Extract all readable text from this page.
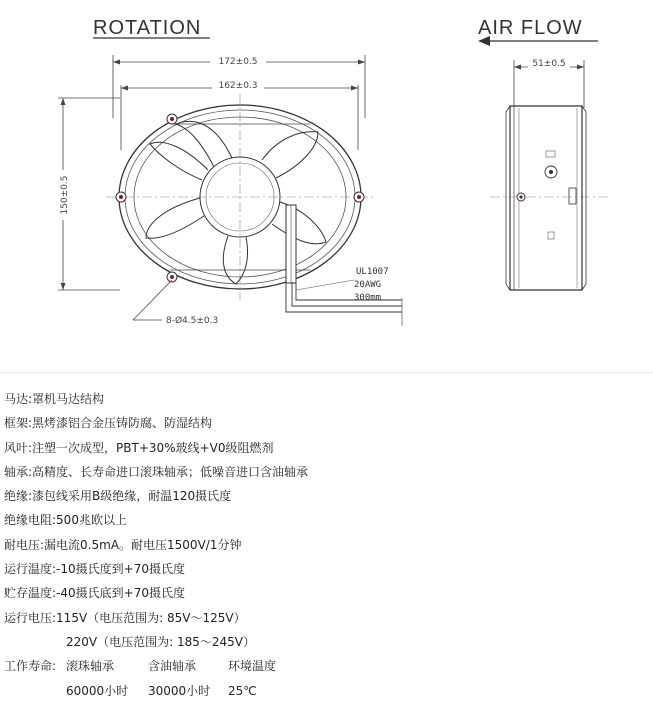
ROTATION	AIR FLOW
172±0.5
162±0.3
150±0.5
8-Ø4.5±0.3
UL1007
20AWG
300mm
51±0.5
马达: 罩机马达结构
框架: 黑烤漆铝合金压铸防腐、防湿结构
风叶: 注塑一次成型，PBT+30%玻线+V0级阻燃剂
轴承: 高精度、长寿命进口滚珠轴承；低噪音进口含油轴承
绝缘: 漆包线采用B级绝缘，耐温120摄氏度
绝缘电阻: 500兆欧以上
耐电压: 漏电流0.5mA。耐电压1500V/1分钟
运行温度: -10摄氏度到+70摄氏度
贮存温度: -40摄氏底到+70摄氏度
运行电压: 115V（电压范围为: 85V～125V）
220V（电压范围为: 185～245V）
工作寿命: 滚珠轴承	含油轴承	环境温度
60000小时	30000小时	25℃
